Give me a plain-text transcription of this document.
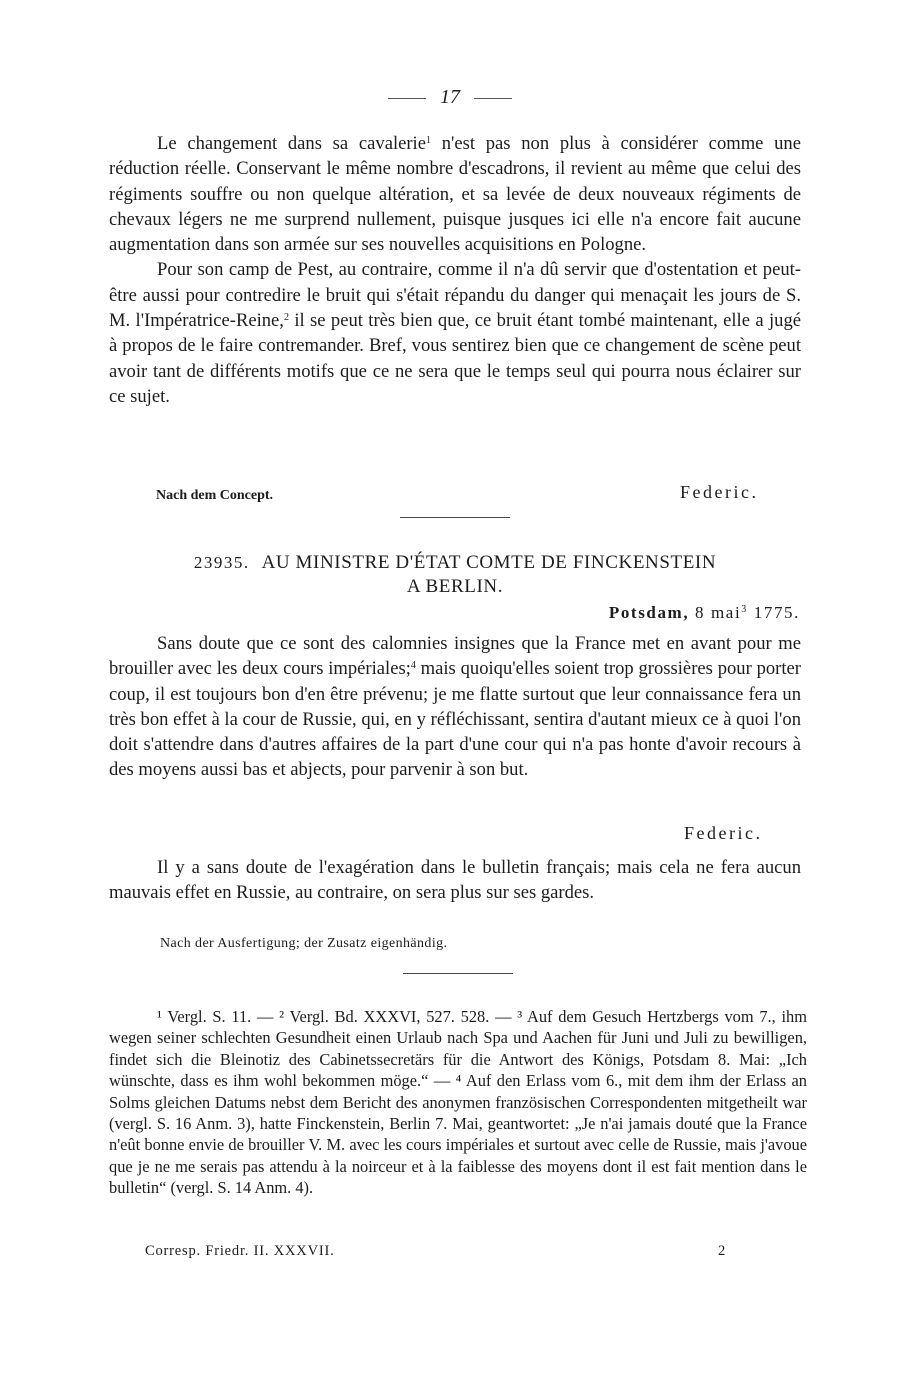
17

Le changement dans sa cavalerie$^1$ n'est pas non plus à considérer comme une réduction réelle. Conservant le même nombre d'escadrons, il revient au même que celui des régiments souffre ou non quelque altération, et sa levée de deux nouveaux régiments de chevaux légers ne me surprend nullement, puisque jusques ici elle n'a encore fait aucune augmentation dans son armée sur ses nouvelles acquisitions en Pologne.

Pour son camp de Pest, au contraire, comme il n'a dû servir que d'ostentation et peut-être aussi pour contredire le bruit qui s'était répandu du danger qui menaçait les jours de S. M. l'Impératrice-Reine,$^2$ il se peut très bien que, ce bruit étant tombé maintenant, elle a jugé à propos de le faire contremander. Bref, vous sentirez bien que ce changement de scène peut avoir tant de différents motifs que ce ne sera que le temps seul qui pourra nous éclairer sur ce sujet.

Nach dem Concept.	Federic.
23935. AU MINISTRE D'ÉTAT COMTE DE FINCKENSTEIN
A BERLIN.
Potsdam, 8 mai$^3$ 1775.

Sans doute que ce sont des calomnies insignes que la France met en avant pour me brouiller avec les deux cours impériales;$^4$ mais quoiqu'elles soient trop grossières pour porter coup, il est toujours bon d'en être prévenu; je me flatte surtout que leur connaissance fera un très bon effet à la cour de Russie, qui, en y réfléchissant, sentira d'autant mieux ce à quoi l'on doit s'attendre dans d'autres affaires de la part d'une cour qui n'a pas honte d'avoir recours à des moyens aussi bas et abjects, pour parvenir à son but.

Federic.

Il y a sans doute de l'exagération dans le bulletin français; mais cela ne fera aucun mauvais effet en Russie, au contraire, on sera plus sur ses gardes.

Nach der Ausfertigung; der Zusatz eigenhändig.

¹ Vergl. S. 11. — ² Vergl. Bd. XXXVI, 527. 528. — ³ Auf dem Gesuch Hertzbergs vom 7., ihm wegen seiner schlechten Gesundheit einen Urlaub nach Spa und Aachen für Juni und Juli zu bewilligen, findet sich die Bleinotiz des Cabinetssecretärs für die Antwort des Königs, Potsdam 8. Mai: „Ich wünschte, dass es ihm wohl bekommen möge.“ — ⁴ Auf den Erlass vom 6., mit dem ihm der Erlass an Solms gleichen Datums nebst dem Bericht des anonymen französischen Correspondenten mitgetheilt war (vergl. S. 16 Anm. 3), hatte Finckenstein, Berlin 7. Mai, geantwortet: „Je n'ai jamais douté que la France n'eût bonne envie de brouiller V. M. avec les cours impériales et surtout avec celle de Russie, mais j'avoue que je ne me serais pas attendu à la noirceur et à la faiblesse des moyens dont il est fait mention dans le bulletin“ (vergl. S. 14 Anm. 4).

Corresp. Friedr. II. XXXVII.	2
